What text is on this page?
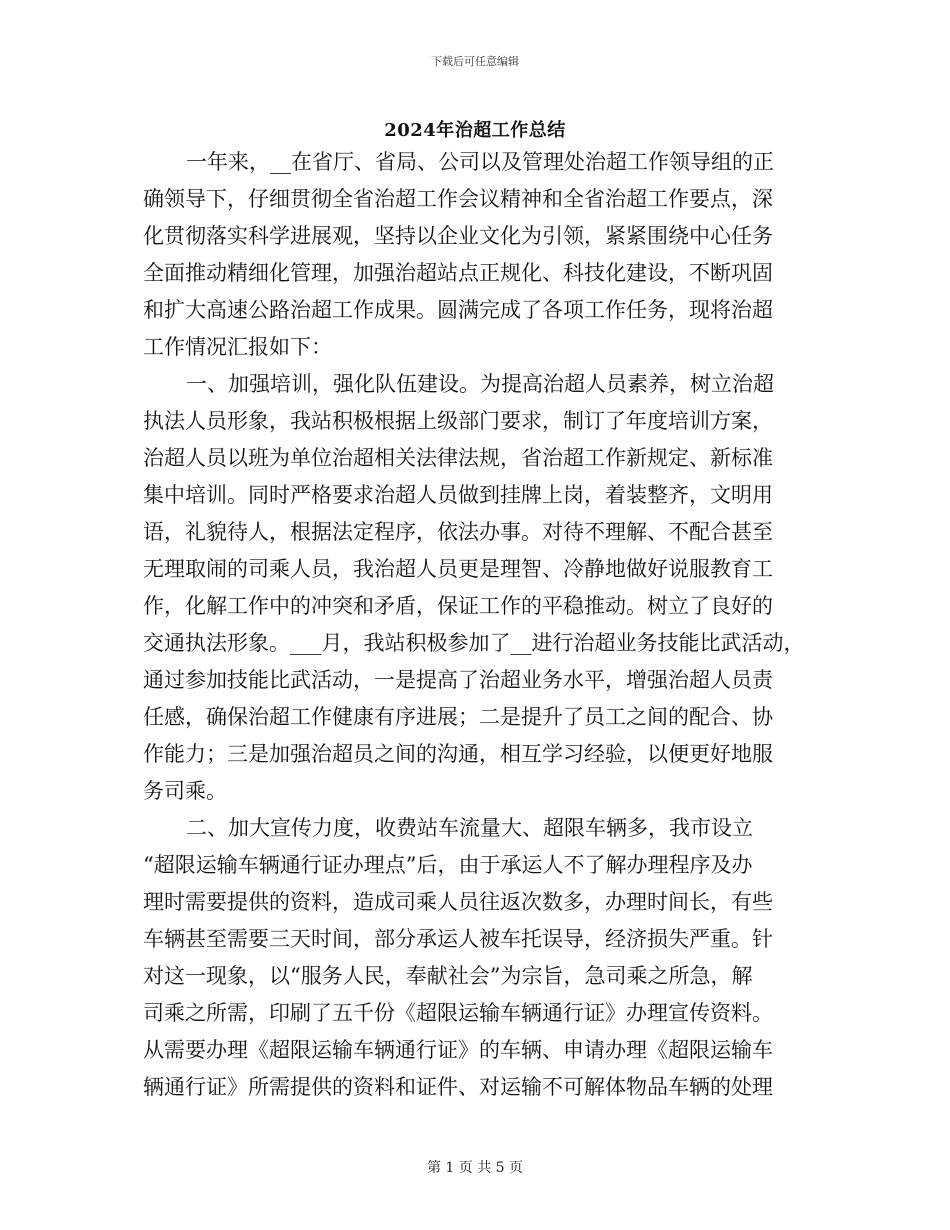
下载后可任意编辑
2024年治超工作总结
一年来，__在省厅、省局、公司以及管理处治超工作领导组的正
确领导下，仔细贯彻全省治超工作会议精神和全省治超工作要点，深
化贯彻落实科学进展观，坚持以企业文化为引领，紧紧围绕中心任务
全面推动精细化管理，加强治超站点正规化、科技化建设，不断巩固
和扩大高速公路治超工作成果。圆满完成了各项工作任务，现将治超
工作情况汇报如下：
一、加强培训，强化队伍建设。为提高治超人员素养，树立治超
执法人员形象，我站积极根据上级部门要求，制订了年度培训方案，
治超人员以班为单位治超相关法律法规，省治超工作新规定、新标准
集中培训。同时严格要求治超人员做到挂牌上岗，着装整齐，文明用
语，礼貌待人，根据法定程序，依法办事。对待不理解、不配合甚至
无理取闹的司乘人员，我治超人员更是理智、冷静地做好说服教育工
作，化解工作中的冲突和矛盾，保证工作的平稳推动。树立了良好的
交通执法形象。___月，我站积极参加了__进行治超业务技能比武活动，
通过参加技能比武活动，一是提高了治超业务水平，增强治超人员责
任感，确保治超工作健康有序进展；二是提升了员工之间的配合、协
作能力；三是加强治超员之间的沟通，相互学习经验，以便更好地服
务司乘。
二、加大宣传力度，收费站车流量大、超限车辆多，我市设立
“超限运输车辆通行证办理点”后，由于承运人不了解办理程序及办
理时需要提供的资料，造成司乘人员往返次数多，办理时间长，有些
车辆甚至需要三天时间，部分承运人被车托误导，经济损失严重。针
对这一现象，以“服务人民，奉献社会”为宗旨，急司乘之所急，解
司乘之所需，印刷了五千份《超限运输车辆通行证》办理宣传资料。
从需要办理《超限运输车辆通行证》的车辆、申请办理《超限运输车
辆通行证》所需提供的资料和证件、对运输不可解体物品车辆的处理
第 1 页 共 5 页
